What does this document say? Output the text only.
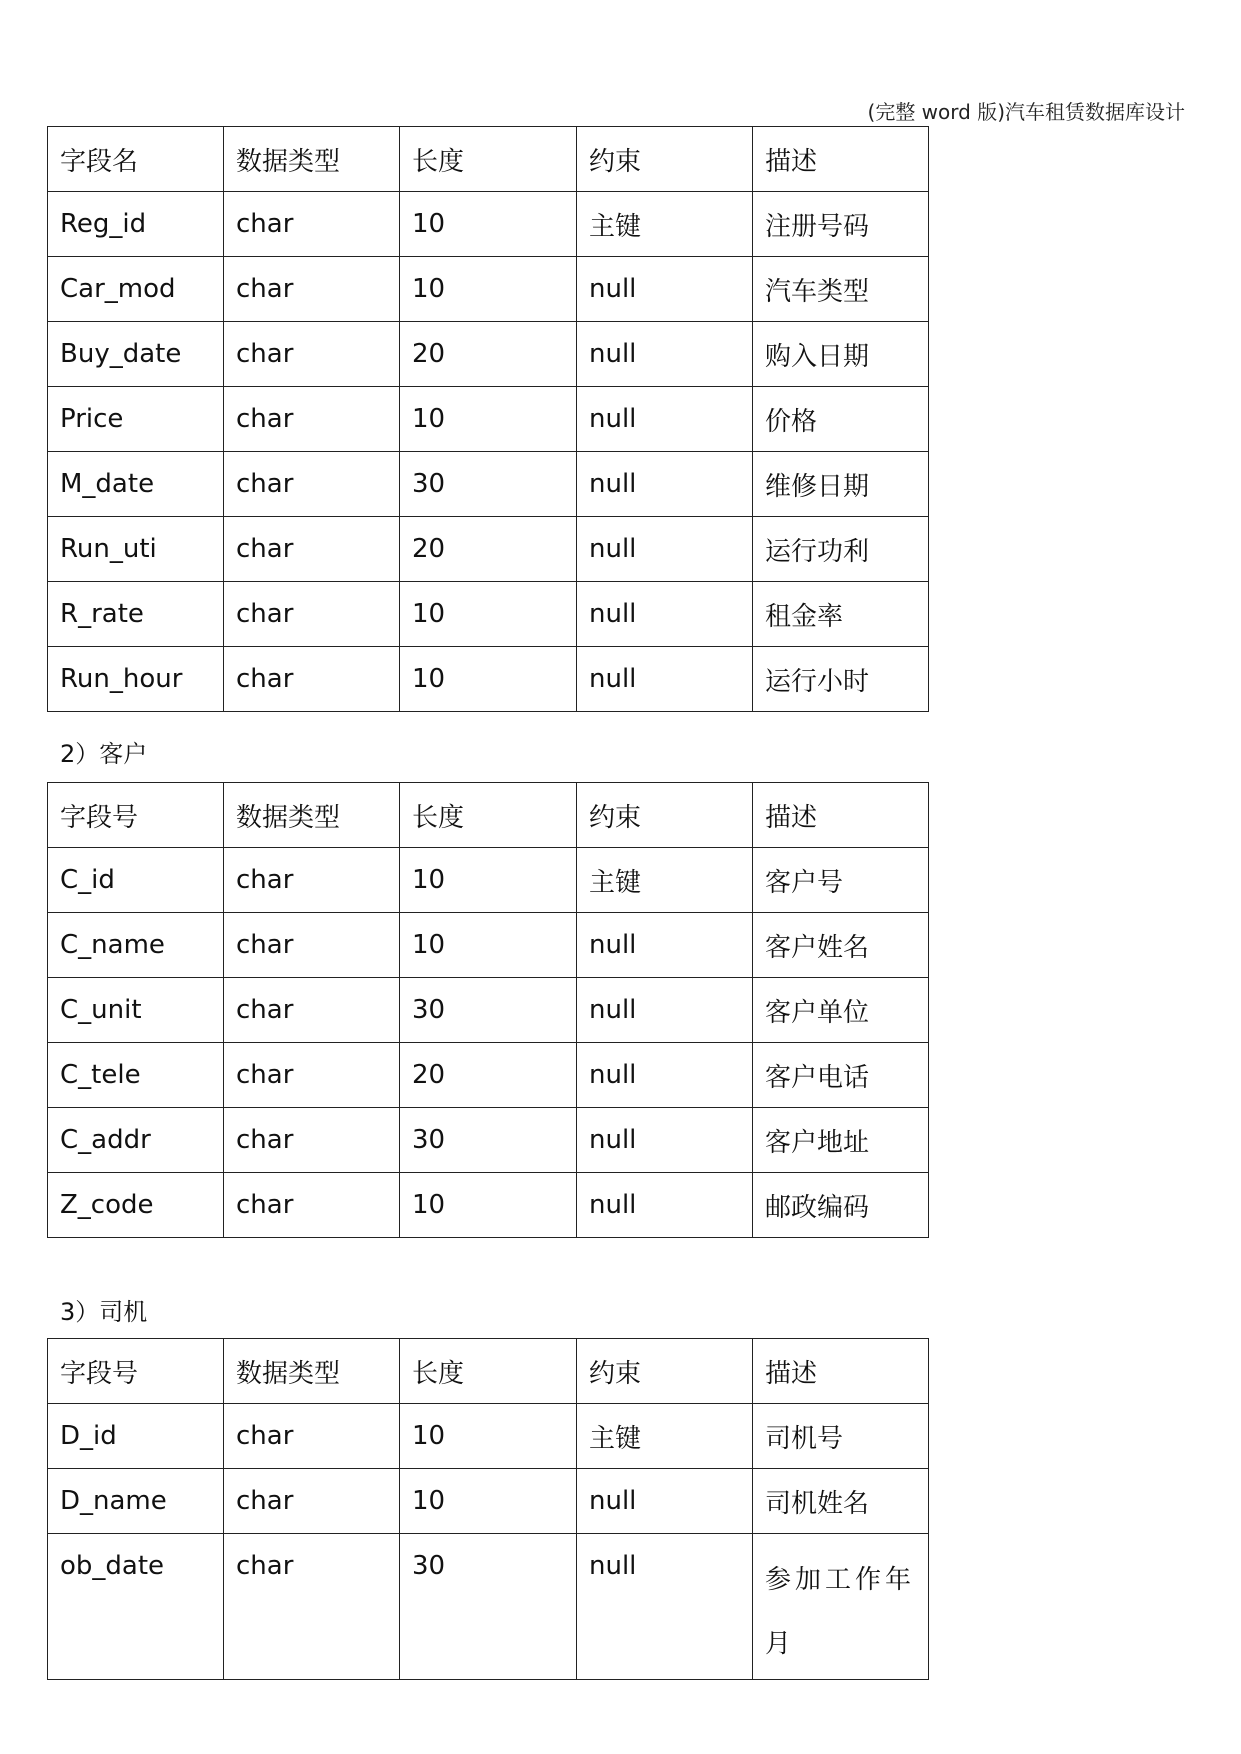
(完整 word 版)汽车租赁数据库设计
字段名	数据类型	长度	约束	描述
Reg_id	char	10	主键	注册号码
Car_mod	char	10	null	汽车类型
Buy_date	char	20	null	购入日期
Price	char	10	null	价格
M_date	char	30	null	维修日期
Run_uti	char	20	null	运行功利
R_rate	char	10	null	租金率
Run_hour	char	10	null	运行小时
2）客户
字段号	数据类型	长度	约束	描述
C_id	char	10	主键	客户号
C_name	char	10	null	客户姓名
C_unit	char	30	null	客户单位
C_tele	char	20	null	客户电话
C_addr	char	30	null	客户地址
Z_code	char	10	null	邮政编码
3）司机
字段号	数据类型	长度	约束	描述
D_id	char	10	主键	司机号
D_name	char	10	null	司机姓名
ob_date	char	30	null	参加工作年月
